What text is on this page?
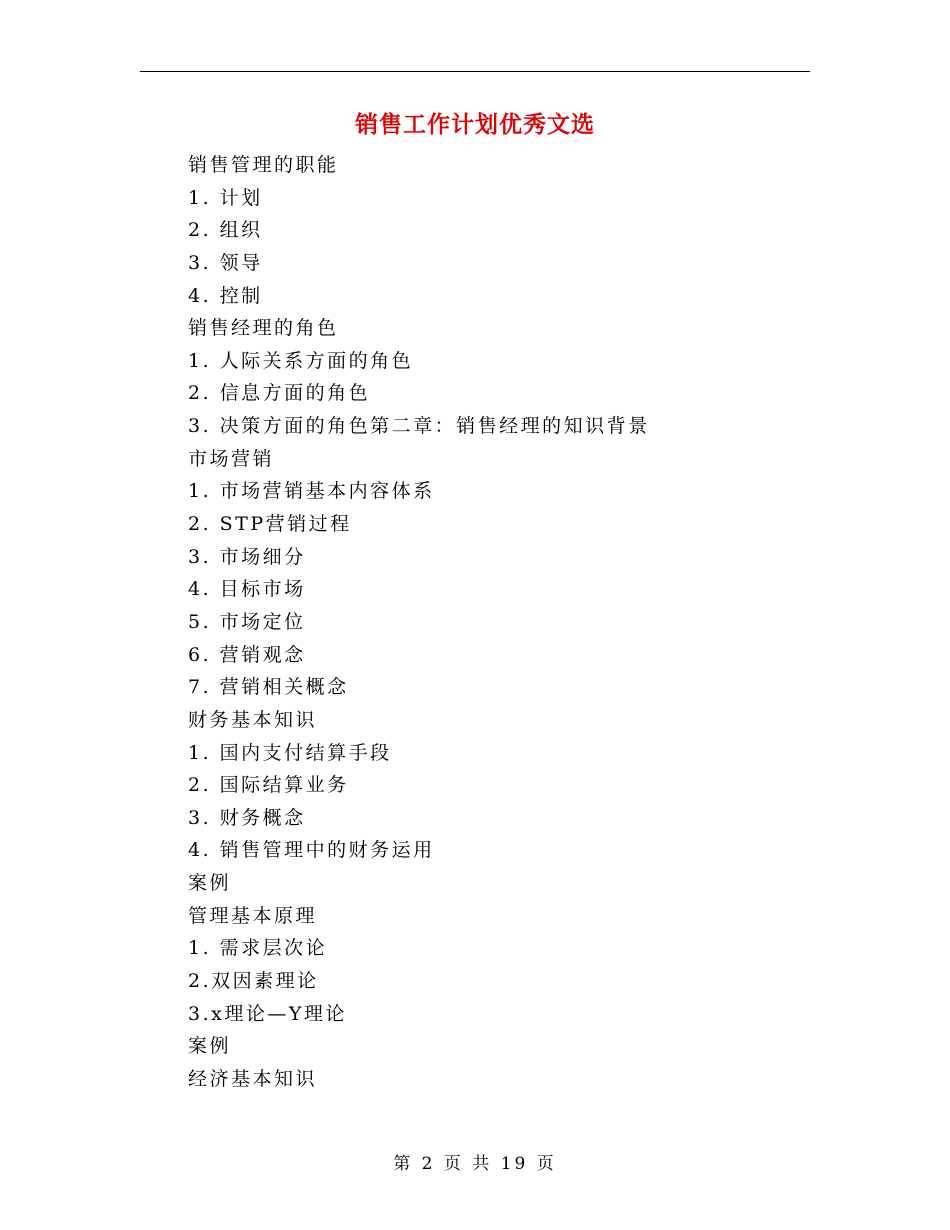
销售工作计划优秀文选
销售管理的职能
1. 计划
2. 组织
3. 领导
4. 控制
销售经理的角色
1. 人际关系方面的角色
2. 信息方面的角色
3. 决策方面的角色第二章：销售经理的知识背景
市场营销
1. 市场营销基本内容体系
2. STP营销过程
3. 市场细分
4. 目标市场
5. 市场定位
6. 营销观念
7. 营销相关概念
财务基本知识
1. 国内支付结算手段
2. 国际结算业务
3. 财务概念
4. 销售管理中的财务运用
案例
管理基本原理
1. 需求层次论
2.双因素理论
3.x理论—Y理论
案例
经济基本知识
第 2 页 共 19 页
